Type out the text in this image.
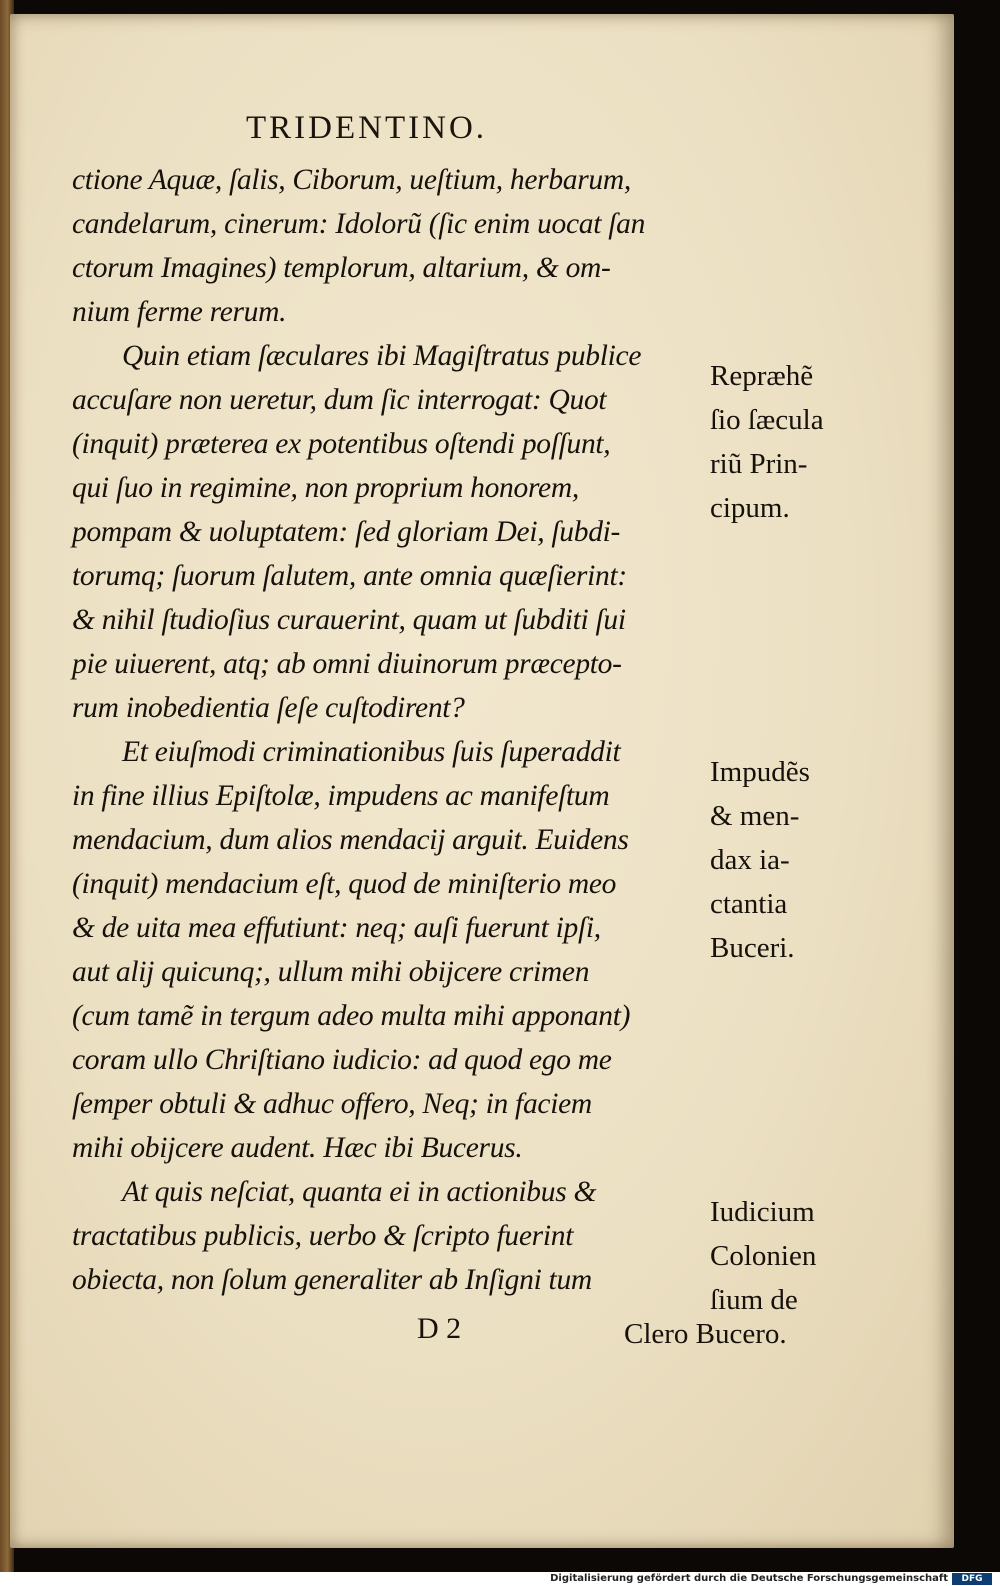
TRIDENTINO.
ctione Aquæ, ſalis, Ciborum, ueſtium, herbarum,
candelarum, cinerum: Idolorũ (ſic enim uocat ſan
ctorum Imagines) templorum, altarium, & om-
nium ferme rerum.
Quin etiam ſæculares ibi Magiſtratus publice
accuſare non ueretur, dum ſic interrogat: Quot
(inquit) præterea ex potentibus oſtendi poſſunt,
qui ſuo in regimine, non proprium honorem,
pompam & uoluptatem: ſed gloriam Dei, ſubdi-
torumq; ſuorum ſalutem, ante omnia quæſierint:
& nihil ſtudioſius curauerint, quam ut ſubditi ſui
pie uiuerent, atq; ab omni diuinorum præcepto-
rum inobedientia ſeſe cuſtodirent?
Et eiuſmodi criminationibus ſuis ſuperaddit
in fine illius Epiſtolæ, impudens ac manifeſtum
mendacium, dum alios mendacij arguit. Euidens
(inquit) mendacium eſt, quod de miniſterio meo
& de uita mea effutiunt: neq; auſi fuerunt ipſi,
aut alij quicunq;, ullum mihi obijcere crimen
(cum tamẽ in tergum adeo multa mihi apponant)
coram ullo Chriſtiano iudicio: ad quod ego me
ſemper obtuli & adhuc offero, Neq; in faciem
mihi obijcere audent. Hæc ibi Bucerus.
At quis neſciat, quanta ei in actionibus &
tractatibus publicis, uerbo & ſcripto fuerint
obiecta, non ſolum generaliter ab Inſigni tum
Repræhẽ
ſio ſæcula
riũ Prin-
cipum.
Impudẽs
& men-
dax ia-
ctantia
Buceri.
Iudicium
Colonien
ſium de
D 2	Clero Bucero.
Digitalisierung gefördert durch die Deutsche Forschungsgemeinschaft	DFG
